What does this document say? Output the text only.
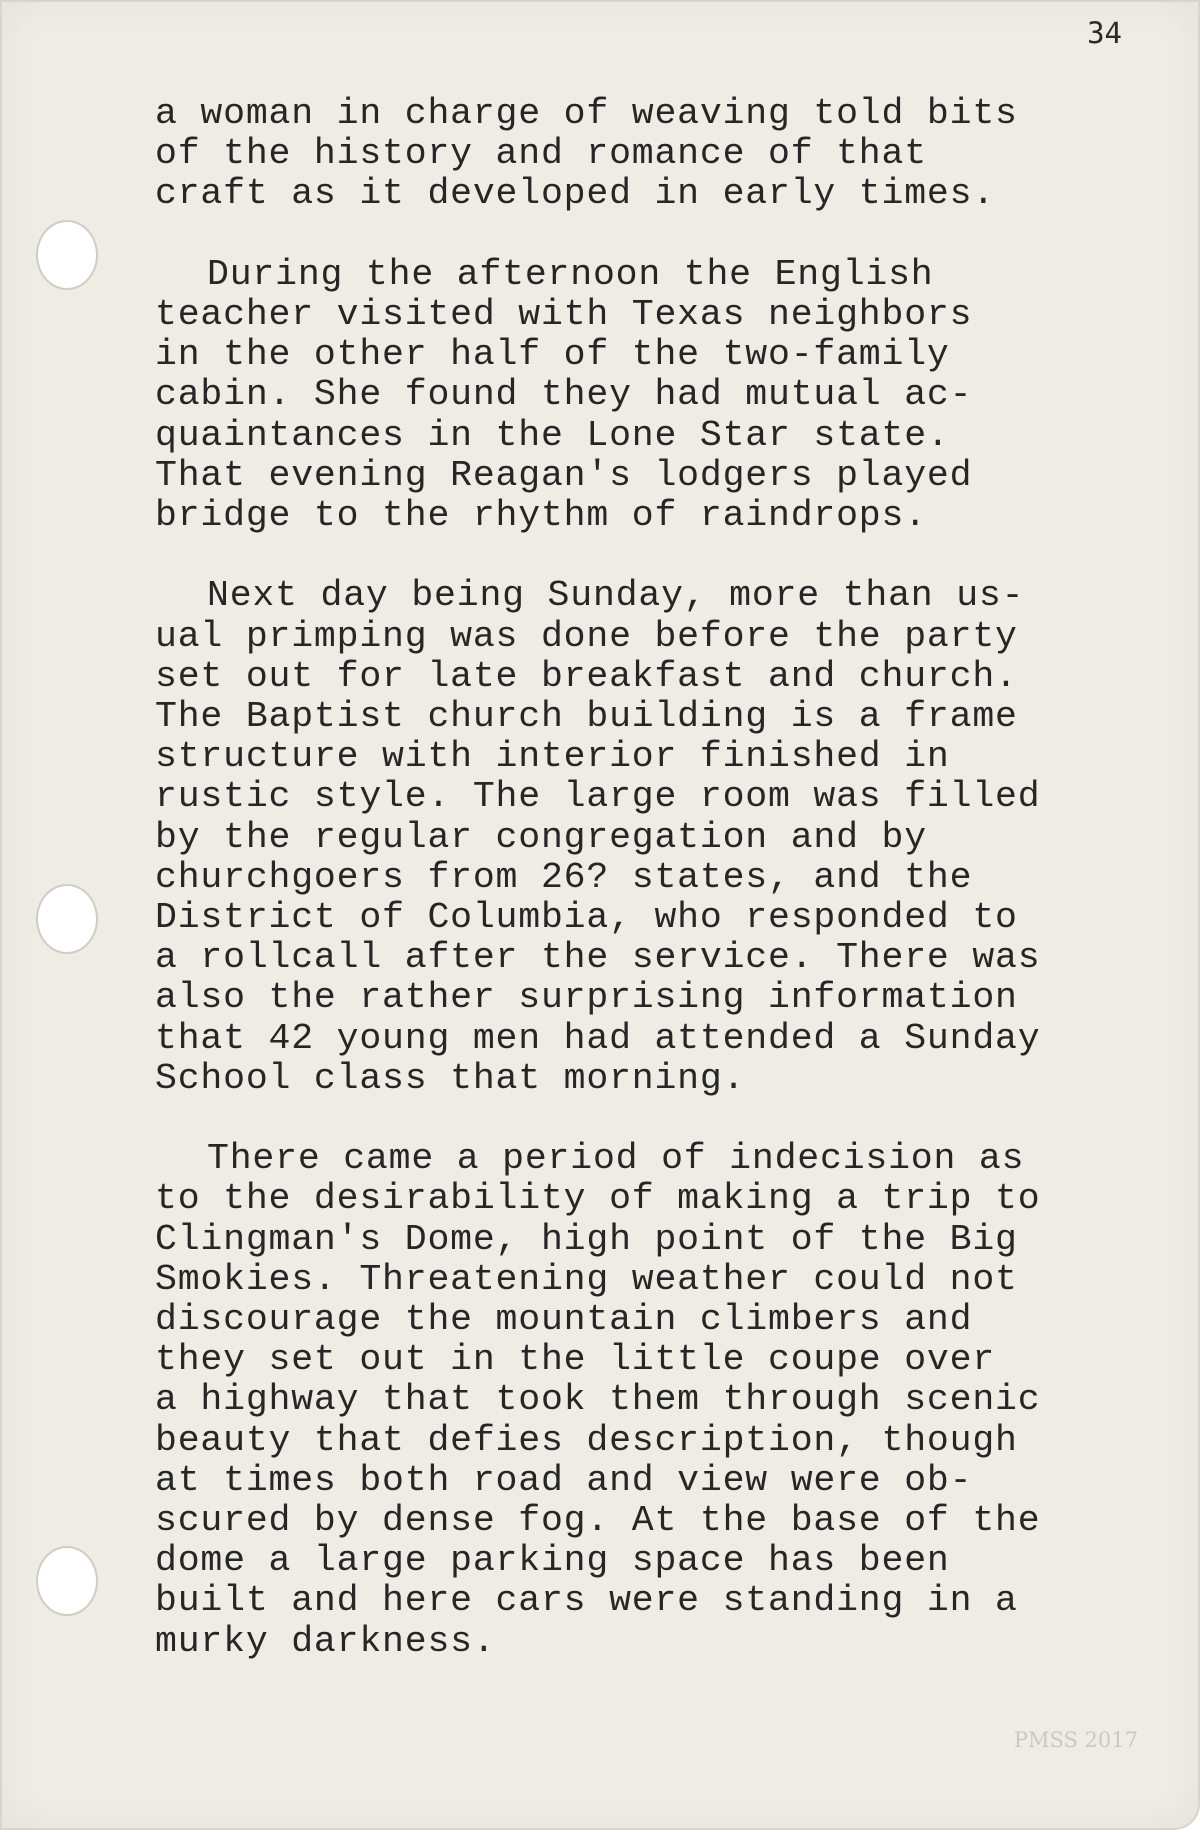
34
a woman in charge of weaving told bits
of the history and romance of that
craft as it developed in early times.
During the afternoon the English
teacher visited with Texas neighbors
in the other half of the two-family
cabin. She found they had mutual ac-
quaintances in the Lone Star state.
That evening Reagan's lodgers played
bridge to the rhythm of raindrops.
Next day being Sunday, more than us-
ual primping was done before the party
set out for late breakfast and church.
The Baptist church building is a frame
structure with interior finished in
rustic style. The large room was filled
by the regular congregation and by
churchgoers from 26? states, and the
District of Columbia, who responded to
a rollcall after the service. There was
also the rather surprising information
that 42 young men had attended a Sunday
School class that morning.
There came a period of indecision as
to the desirability of making a trip to
Clingman's Dome, high point of the Big
Smokies. Threatening weather could not
discourage the mountain climbers and
they set out in the little coupe over
a highway that took them through scenic
beauty that defies description, though
at times both road and view were ob-
scured by dense fog. At the base of the
dome a large parking space has been
built and here cars were standing in a
murky darkness.
PMSS 2017
